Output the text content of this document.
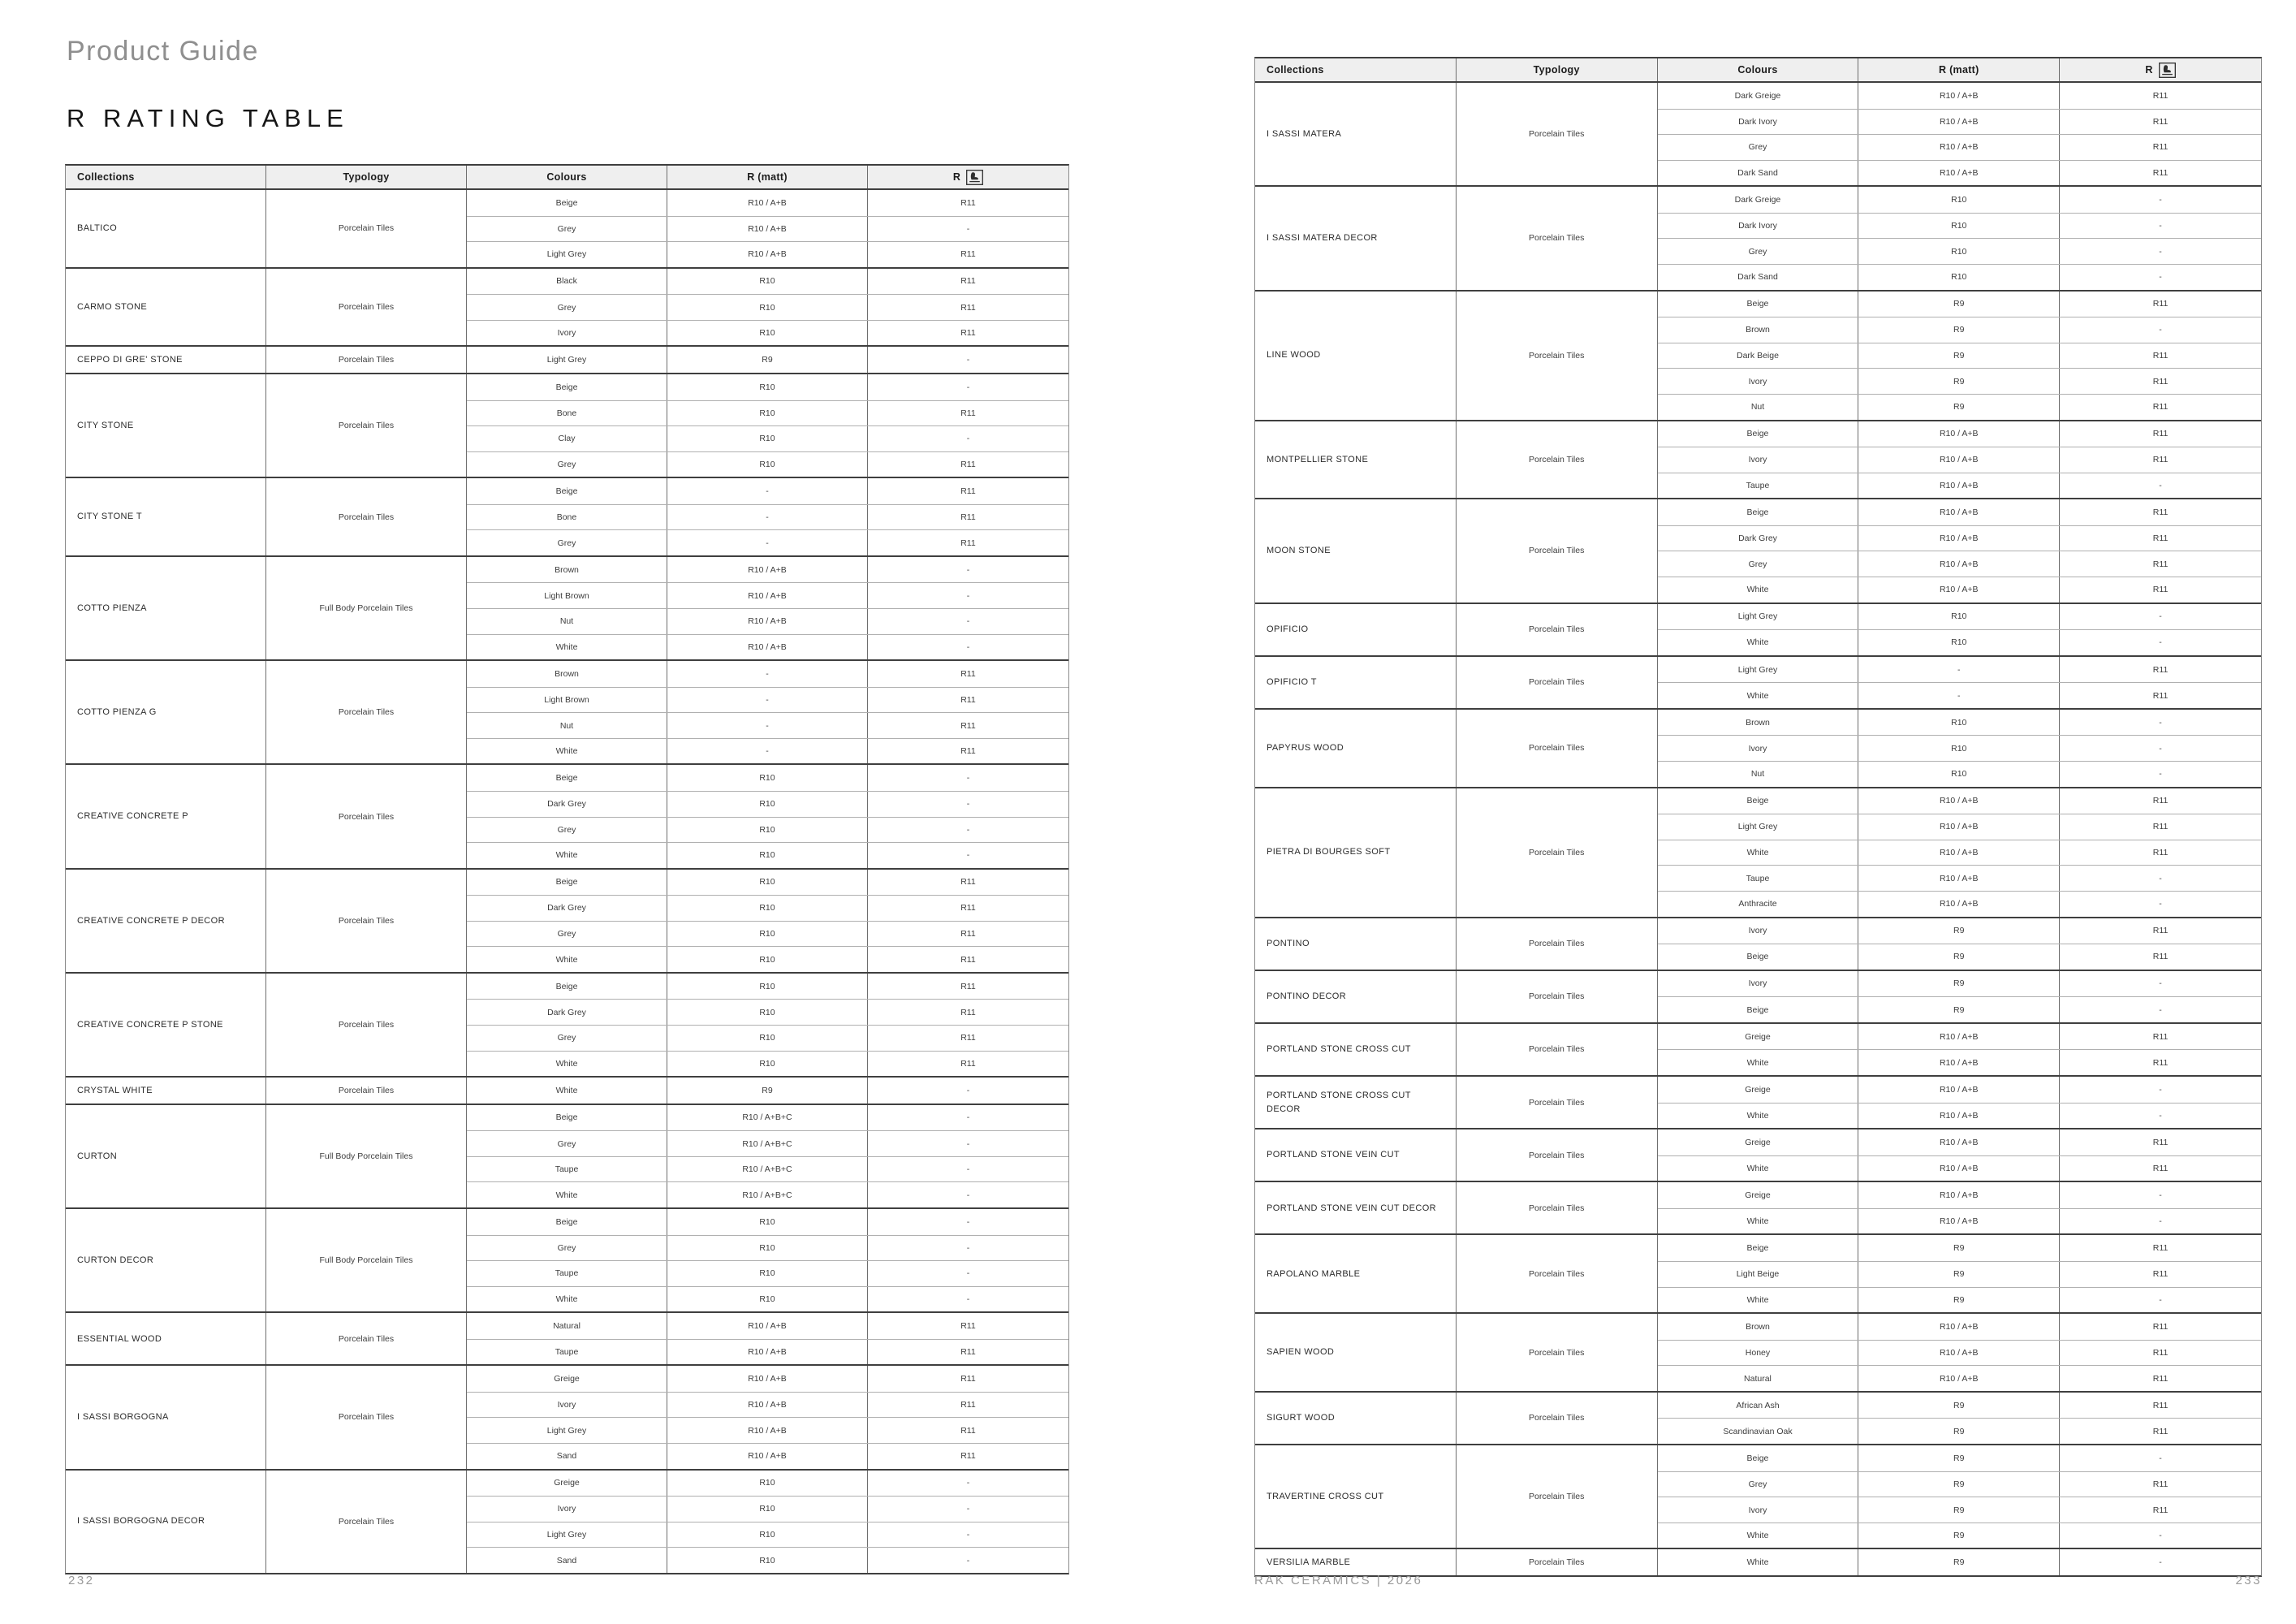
Product Guide
R RATING TABLE
Collections	Typology	Colours	R (matt)	R
BALTICO	Porcelain Tiles
Beige	R10 / A+B	R11
Grey	R10 / A+B	-
Light Grey	R10 / A+B	R11
CARMO STONE	Porcelain Tiles
Black	R10	R11
Grey	R10	R11
Ivory	R10	R11
CEPPO DI GRE' STONE	Porcelain Tiles	Light Grey	R9	-
CITY STONE	Porcelain Tiles
Beige	R10	-
Bone	R10	R11
Clay	R10	-
Grey	R10	R11
CITY STONE T	Porcelain Tiles
Beige	-	R11
Bone	-	R11
Grey	-	R11
COTTO PIENZA	Full Body Porcelain Tiles
Brown	R10 / A+B	-
Light Brown	R10 / A+B	-
Nut	R10 / A+B	-
White	R10 / A+B	-
COTTO PIENZA G	Porcelain Tiles
Brown	-	R11
Light Brown	-	R11
Nut	-	R11
White	-	R11
CREATIVE CONCRETE P	Porcelain Tiles
Beige	R10	-
Dark Grey	R10	-
Grey	R10	-
White	R10	-
CREATIVE CONCRETE P DECOR	Porcelain Tiles
Beige	R10	R11
Dark Grey	R10	R11
Grey	R10	R11
White	R10	R11
CREATIVE CONCRETE P STONE	Porcelain Tiles
Beige	R10	R11
Dark Grey	R10	R11
Grey	R10	R11
White	R10	R11
CRYSTAL WHITE	Porcelain Tiles	White	R9	-
CURTON	Full Body Porcelain Tiles
Beige	R10 / A+B+C	-
Grey	R10 / A+B+C	-
Taupe	R10 / A+B+C	-
White	R10 / A+B+C	-
CURTON DECOR	Full Body Porcelain Tiles
Beige	R10	-
Grey	R10	-
Taupe	R10	-
White	R10	-
ESSENTIAL WOOD	Porcelain Tiles
Natural	R10 / A+B	R11
Taupe	R10 / A+B	R11
I SASSI BORGOGNA	Porcelain Tiles
Greige	R10 / A+B	R11
Ivory	R10 / A+B	R11
Light Grey	R10 / A+B	R11
Sand	R10 / A+B	R11
I SASSI BORGOGNA DECOR	Porcelain Tiles
Greige	R10	-
Ivory	R10	-
Light Grey	R10	-
Sand	R10	-
Collections	Typology	Colours	R (matt)	R
I SASSI MATERA	Porcelain Tiles
Dark Greige	R10 / A+B	R11
Dark Ivory	R10 / A+B	R11
Grey	R10 / A+B	R11
Dark Sand	R10 / A+B	R11
I SASSI MATERA DECOR	Porcelain Tiles
Dark Greige	R10	-
Dark Ivory	R10	-
Grey	R10	-
Dark Sand	R10	-
LINE WOOD	Porcelain Tiles
Beige	R9	R11
Brown	R9	-
Dark Beige	R9	R11
Ivory	R9	R11
Nut	R9	R11
MONTPELLIER STONE	Porcelain Tiles
Beige	R10 / A+B	R11
Ivory	R10 / A+B	R11
Taupe	R10 / A+B	-
MOON STONE	Porcelain Tiles
Beige	R10 / A+B	R11
Dark Grey	R10 / A+B	R11
Grey	R10 / A+B	R11
White	R10 / A+B	R11
OPIFICIO	Porcelain Tiles
Light Grey	R10	-
White	R10	-
OPIFICIO T	Porcelain Tiles
Light Grey	-	R11
White	-	R11
PAPYRUS WOOD	Porcelain Tiles
Brown	R10	-
Ivory	R10	-
Nut	R10	-
PIETRA DI BOURGES SOFT	Porcelain Tiles
Beige	R10 / A+B	R11
Light Grey	R10 / A+B	R11
White	R10 / A+B	R11
Taupe	R10 / A+B	-
Anthracite	R10 / A+B	-
PONTINO	Porcelain Tiles
Ivory	R9	R11
Beige	R9	R11
PONTINO DECOR	Porcelain Tiles
Ivory	R9	-
Beige	R9	-
PORTLAND STONE CROSS CUT	Porcelain Tiles
Greige	R10 / A+B	R11
White	R10 / A+B	R11
PORTLAND STONE CROSS CUT DECOR
Porcelain Tiles
Greige	R10 / A+B	-
White	R10 / A+B	-
PORTLAND STONE VEIN CUT	Porcelain Tiles
Greige	R10 / A+B	R11
White	R10 / A+B	R11
PORTLAND STONE VEIN CUT DECOR	Porcelain Tiles
Greige	R10 / A+B	-
White	R10 / A+B	-
RAPOLANO MARBLE	Porcelain Tiles
Beige	R9	R11
Light Beige	R9	R11
White	R9	-
SAPIEN WOOD	Porcelain Tiles
Brown	R10 / A+B	R11
Honey	R10 / A+B	R11
Natural	R10 / A+B	R11
SIGURT WOOD	Porcelain Tiles
African Ash	R9	R11
Scandinavian Oak	R9	R11
TRAVERTINE CROSS CUT	Porcelain Tiles
Beige	R9	-
Grey	R9	R11
Ivory	R9	R11
White	R9	-
VERSILIA MARBLE	Porcelain Tiles	White	R9	-
232	RAK CERAMICS | 2026	233
